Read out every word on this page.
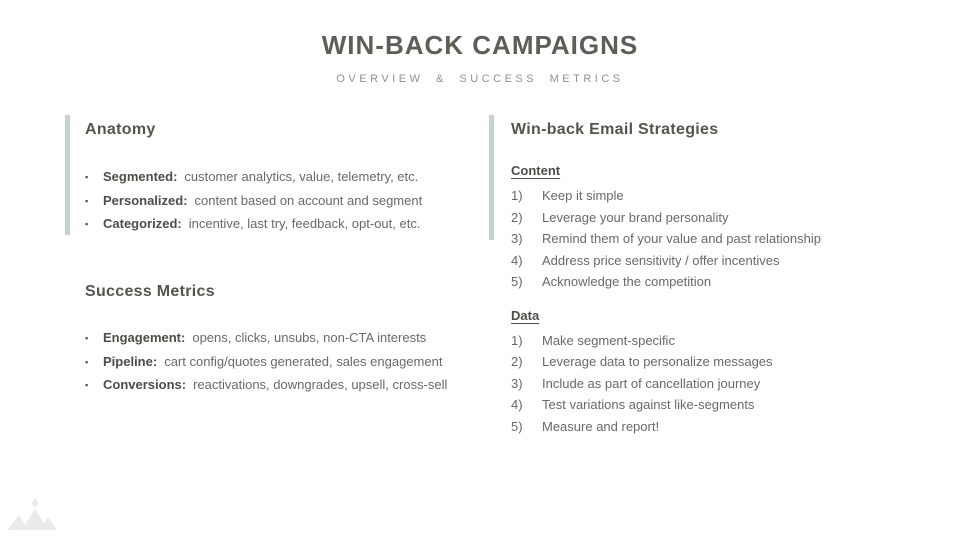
WIN-BACK CAMPAIGNS
OVERVIEW & SUCCESS METRICS
Anatomy
▪	Segmented: customer analytics, value, telemetry, etc.
▪	Personalized: content based on account and segment
▪	Categorized: incentive, last try, feedback, opt-out, etc.
Success Metrics
▪	Engagement: opens, clicks, unsubs, non-CTA interests
▪	Pipeline: cart config/quotes generated, sales engagement
▪	Conversions: reactivations, downgrades, upsell, cross-sell
Win-back Email Strategies
Content
1)	Keep it simple
2)	Leverage your brand personality
3)	Remind them of your value and past relationship
4)	Address price sensitivity / offer incentives
5)	Acknowledge the competition
Data
1)	Make segment-specific
2)	Leverage data to personalize messages
3)	Include as part of cancellation journey
4)	Test variations against like-segments
5)	Measure and report!
